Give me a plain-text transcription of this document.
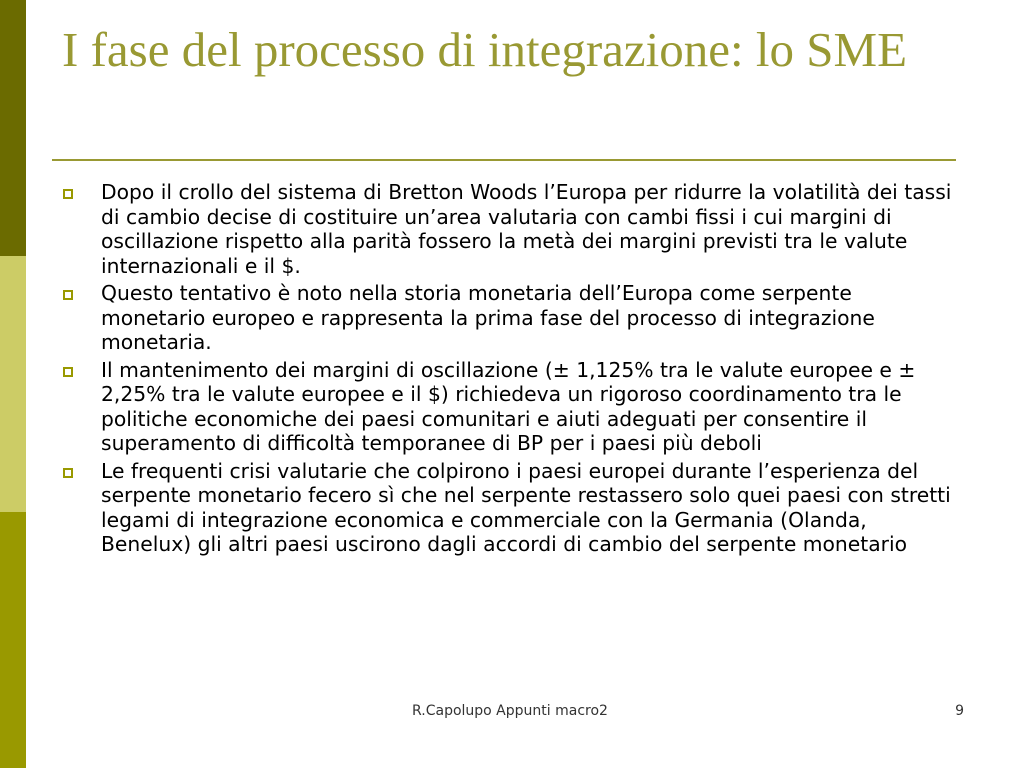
I fase del processo di integrazione: lo SME
Dopo il crollo del sistema di Bretton Woods l’Europa per ridurre la volatilità dei tassi di cambio decise di costituire un’area valutaria con cambi fissi i cui margini di oscillazione rispetto alla parità fossero la metà dei margini previsti tra le valute internazionali e il $.
Questo tentativo è noto nella storia monetaria dell’Europa come serpente monetario europeo e rappresenta la prima fase del processo di integrazione monetaria.
Il mantenimento dei margini di oscillazione (± 1,125% tra le valute europee e ± 2,25% tra le valute europee e il $) richiedeva un rigoroso coordinamento tra le politiche economiche dei paesi comunitari e aiuti adeguati per consentire il superamento di difficoltà temporanee di BP per i paesi più deboli
Le frequenti crisi valutarie che colpirono i paesi europei durante l’esperienza del serpente monetario fecero sì che nel serpente restassero solo quei paesi con stretti legami di integrazione economica e commerciale con la Germania (Olanda, Benelux) gli altri paesi uscirono dagli accordi di cambio del serpente monetario
R.Capolupo Appunti macro2	9
